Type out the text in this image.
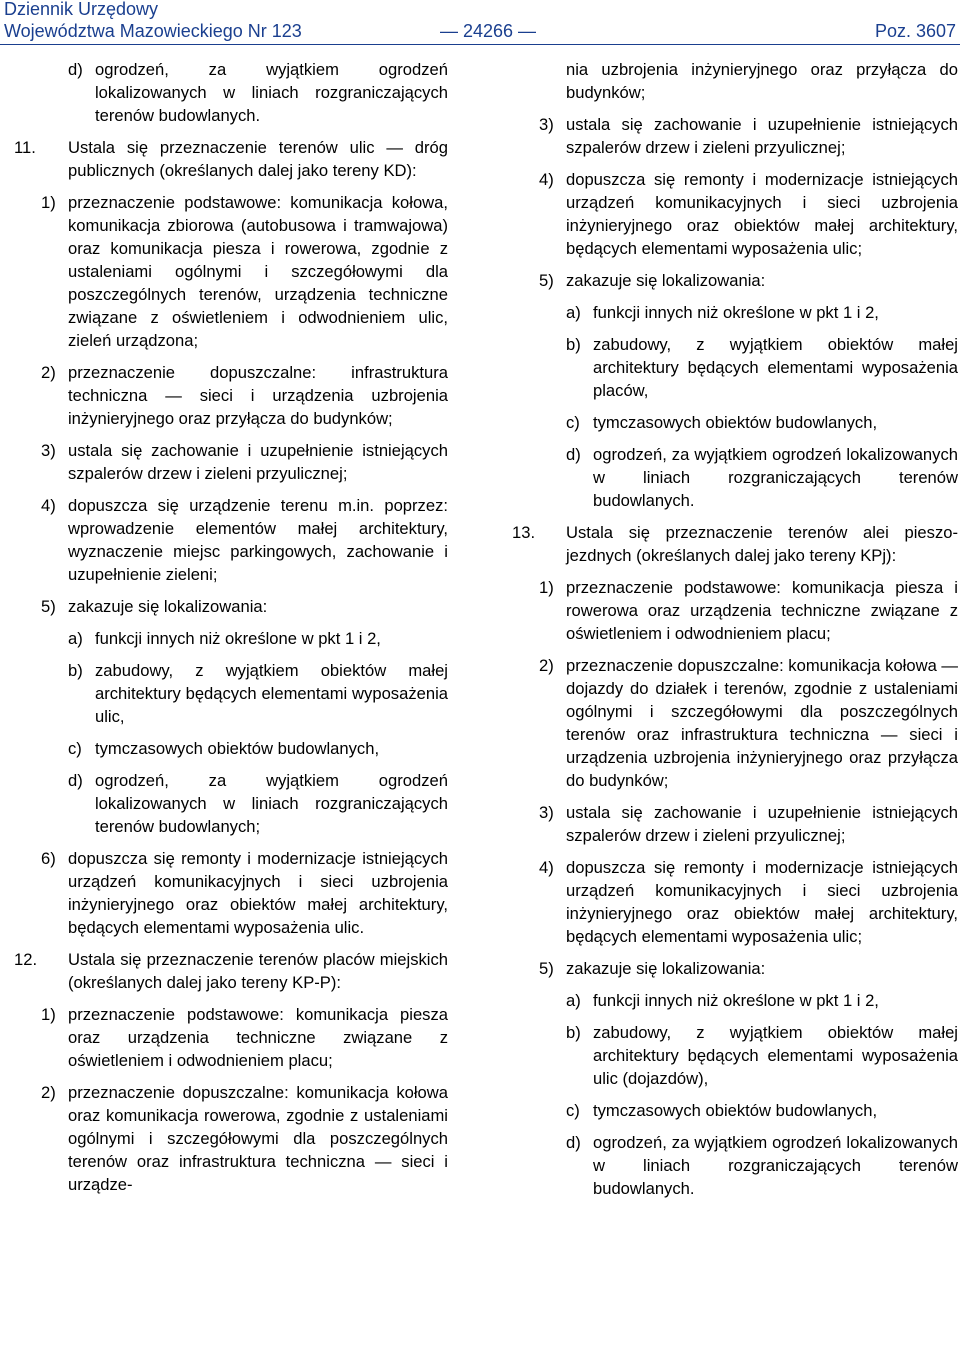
Dziennik Urzędowy
Województwa Mazowieckiego Nr 123	— 24266 —	Poz. 3607
d) ogrodzeń, za wyjątkiem ogrodzeń lokalizowanych w liniach rozgraniczających terenów budowlanych.
11. Ustala się przeznaczenie terenów ulic — dróg publicznych (określanych dalej jako tereny KD):
1) przeznaczenie podstawowe: komunikacja kołowa, komunikacja zbiorowa (autobusowa i tramwajowa) oraz komunikacja piesza i rowerowa, zgodnie z ustaleniami ogólnymi i szczegółowymi dla poszczególnych terenów, urządzenia techniczne związane z oświetleniem i odwodnieniem ulic, zieleń urządzona;
2) przeznaczenie dopuszczalne: infrastruktura techniczna — sieci i urządzenia uzbrojenia inżynieryjnego oraz przyłącza do budynków;
3) ustala się zachowanie i uzupełnienie istniejących szpalerów drzew i zieleni przyulicznej;
4) dopuszcza się urządzenie terenu m.in. poprzez: wprowadzenie elementów małej architektury, wyznaczenie miejsc parkingowych, zachowanie i uzupełnienie zieleni;
5) zakazuje się lokalizowania:
a) funkcji innych niż określone w pkt 1 i 2,
b) zabudowy, z wyjątkiem obiektów małej architektury będących elementami wyposażenia ulic,
c) tymczasowych obiektów budowlanych,
d) ogrodzeń, za wyjątkiem ogrodzeń lokalizowanych w liniach rozgraniczających terenów budowlanych;
6) dopuszcza się remonty i modernizacje istniejących urządzeń komunikacyjnych i sieci uzbrojenia inżynieryjnego oraz obiektów małej architektury, będących elementami wyposażenia ulic.
12. Ustala się przeznaczenie terenów placów miejskich (określanych dalej jako tereny KP-P):
1) przeznaczenie podstawowe: komunikacja piesza oraz urządzenia techniczne związane z oświetleniem i odwodnieniem placu;
2) przeznaczenie dopuszczalne: komunikacja kołowa oraz komunikacja rowerowa, zgodnie z ustaleniami ogólnymi i szczegółowymi dla poszczególnych terenów oraz infrastruktura techniczna — sieci i urządze-
nia uzbrojenia inżynieryjnego oraz przyłącza do budynków;
3) ustala się zachowanie i uzupełnienie istniejących szpalerów drzew i zieleni przyulicznej;
4) dopuszcza się remonty i modernizacje istniejących urządzeń komunikacyjnych i sieci uzbrojenia inżynieryjnego oraz obiektów małej architektury, będących elementami wyposażenia ulic;
5) zakazuje się lokalizowania:
a) funkcji innych niż określone w pkt 1 i 2,
b) zabudowy, z wyjątkiem obiektów małej architektury będących elementami wyposażenia placów,
c) tymczasowych obiektów budowlanych,
d) ogrodzeń, za wyjątkiem ogrodzeń lokalizowanych w liniach rozgraniczających terenów budowlanych.
13. Ustala się przeznaczenie terenów alei pieszo-jezdnych (określanych dalej jako tereny KPj):
1) przeznaczenie podstawowe: komunikacja piesza i rowerowa oraz urządzenia techniczne związane z oświetleniem i odwodnieniem placu;
2) przeznaczenie dopuszczalne: komunikacja kołowa — dojazdy do działek i terenów, zgodnie z ustaleniami ogólnymi i szczegółowymi dla poszczególnych terenów oraz infrastruktura techniczna — sieci i urządzenia uzbrojenia inżynieryjnego oraz przyłącza do budynków;
3) ustala się zachowanie i uzupełnienie istniejących szpalerów drzew i zieleni przyulicznej;
4) dopuszcza się remonty i modernizacje istniejących urządzeń komunikacyjnych i sieci uzbrojenia inżynieryjnego oraz obiektów małej architektury, będących elementami wyposażenia ulic;
5) zakazuje się lokalizowania:
a) funkcji innych niż określone w pkt 1 i 2,
b) zabudowy, z wyjątkiem obiektów małej architektury będących elementami wyposażenia ulic (dojazdów),
c) tymczasowych obiektów budowlanych,
d) ogrodzeń, za wyjątkiem ogrodzeń lokalizowanych w liniach rozgraniczających terenów budowlanych.
